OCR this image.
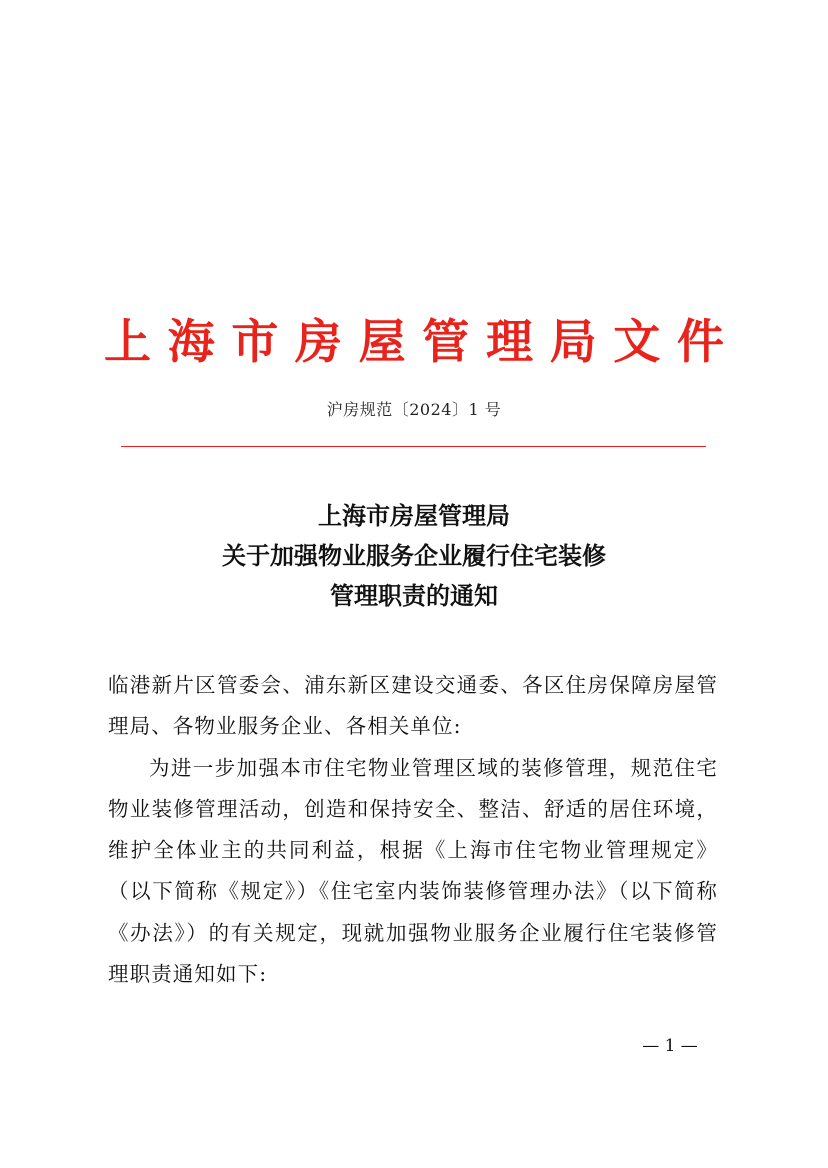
上 海 市 房 屋 管 理 局 文 件
沪房规范〔2024〕1 号
上海市房屋管理局
关于加强物业服务企业履行住宅装修
管理职责的通知

临港新片区管委会、浦东新区建设交通委、各区住房保障房屋管理局、各物业服务企业、各相关单位:

为进一步加强本市住宅物业管理区域的装修管理，规范住宅物业装修管理活动，创造和保持安全、整洁、舒适的居住环境，维护全体业主的共同利益，根据《上海市住宅物业管理规定》（以下简称《规定》）《住宅室内装饰装修管理办法》（以下简称《办法》）的有关规定，现就加强物业服务企业履行住宅装修管理职责通知如下:

— 1 —
